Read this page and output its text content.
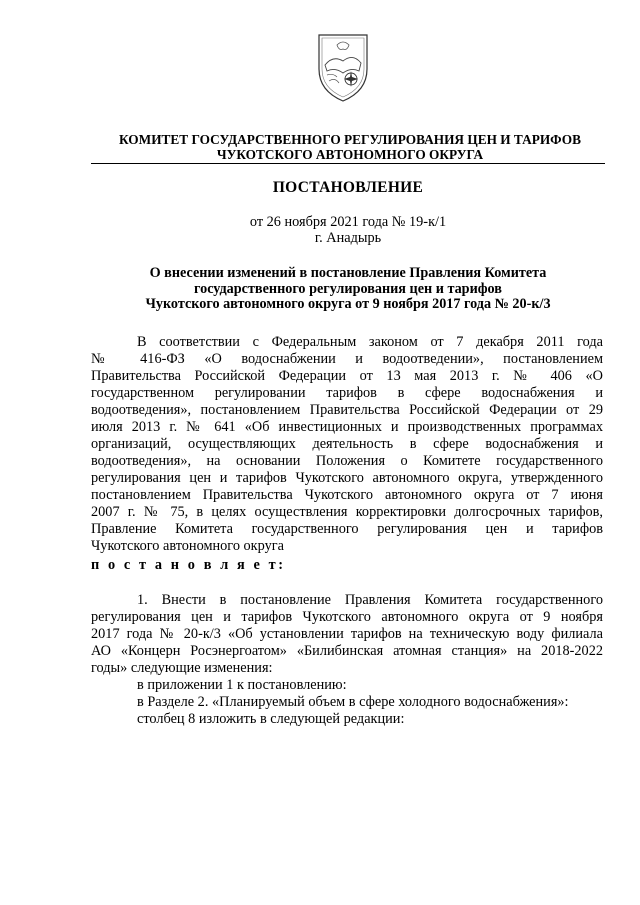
КОМИТЕТ ГОСУДАРСТВЕННОГО РЕГУЛИРОВАНИЯ ЦЕН И ТАРИФОВ
ЧУКОТСКОГО АВТОНОМНОГО ОКРУГА
ПОСТАНОВЛЕНИЕ
от 26 ноября 2021 года № 19-к/1
г. Анадырь
О внесении изменений в постановление Правления Комитета
государственного регулирования цен и тарифов
Чукотского автономного округа от 9 ноября 2017 года № 20-к/3
В соответствии с Федеральным законом от 7 декабря 2011 года
№ 416-ФЗ «О водоснабжении и водоотведении», постановлением
Правительства Российской Федерации от 13 мая 2013 г. № 406 «О
государственном регулировании тарифов в сфере водоснабжения и
водоотведения», постановлением Правительства Российской Федерации от 29
июля 2013 г. № 641 «Об инвестиционных и производственных программах
организаций, осуществляющих деятельность в сфере водоснабжения и
водоотведения», на основании Положения о Комитете государственного
регулирования цен и тарифов Чукотского автономного округа, утвержденного
постановлением Правительства Чукотского автономного округа от 7 июня
2007 г. № 75, в целях осуществления корректировки долгосрочных тарифов,
Правление Комитета государственного регулирования цен и тарифов
Чукотского автономного округа
п о с т а н о в л я е т:
1. Внести в постановление Правления Комитета государственного
регулирования цен и тарифов Чукотского автономного округа от 9 ноября
2017 года № 20-к/3 «Об установлении тарифов на техническую воду филиала
АО «Концерн Росэнергоатом» «Билибинская атомная станция» на 2018-2022
годы» следующие изменения:
в приложении 1 к постановлению:
в Разделе 2. «Планируемый объем в сфере холодного водоснабжения»:
столбец 8 изложить в следующей редакции:
